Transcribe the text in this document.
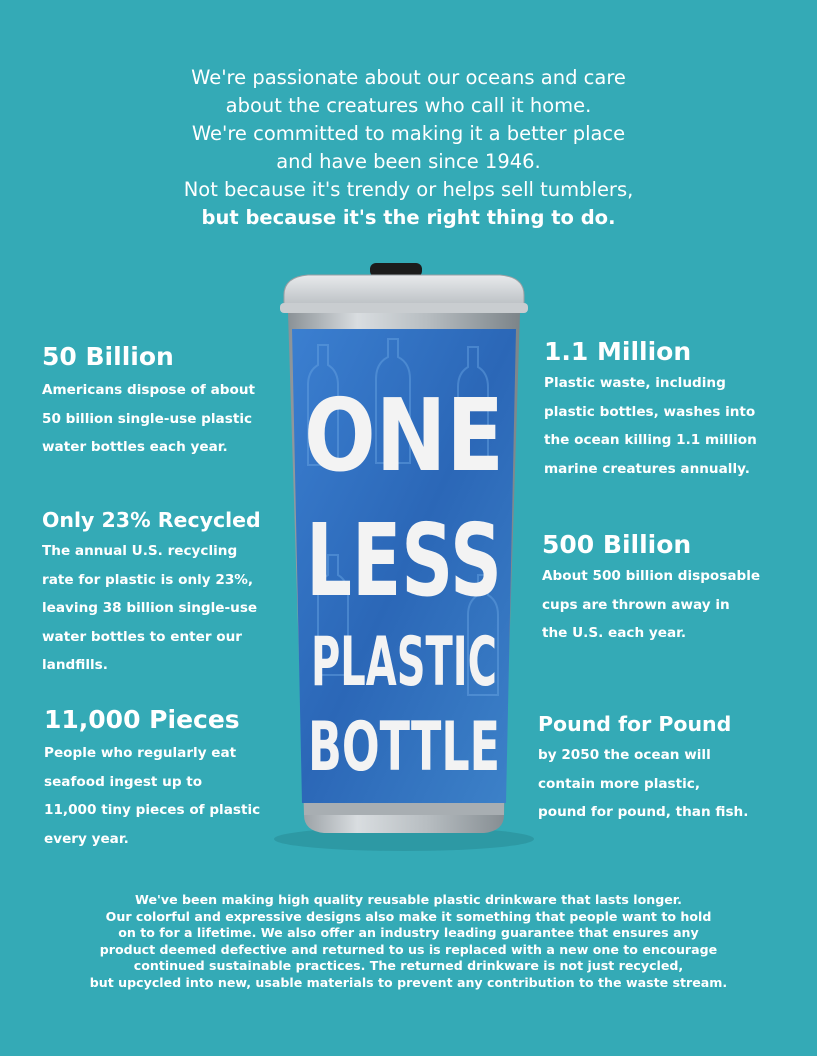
We're passionate about our oceans and care
about the creatures who call it home.
We're committed to making it a better place
and have been since 1946.
Not because it's trendy or helps sell tumblers,
but because it's the right thing to do.
ONE
LESS
PLASTIC
BOTTLE
50 Billion
Americans dispose of about
50 billion single-use plastic
water bottles each year.
Only 23% Recycled
The annual U.S. recycling
rate for plastic is only 23%,
leaving 38 billion single-use
water bottles to enter our
landfills.
11,000 Pieces
People who regularly eat
seafood ingest up to
11,000 tiny pieces of plastic
every year.
1.1 Million
Plastic waste, including
plastic bottles, washes into
the ocean killing 1.1 million
marine creatures annually.
500 Billion
About 500 billion disposable
cups are thrown away in
the U.S. each year.
Pound for Pound
by 2050 the ocean will
contain more plastic,
pound for pound, than fish.
We've been making high quality reusable plastic drinkware that lasts longer.
Our colorful and expressive designs also make it something that people want to hold
on to for a lifetime. We also offer an industry leading guarantee that ensures any
product deemed defective and returned to us is replaced with a new one to encourage
continued sustainable practices. The returned drinkware is not just recycled,
but upcycled into new, usable materials to prevent any contribution to the waste stream.
